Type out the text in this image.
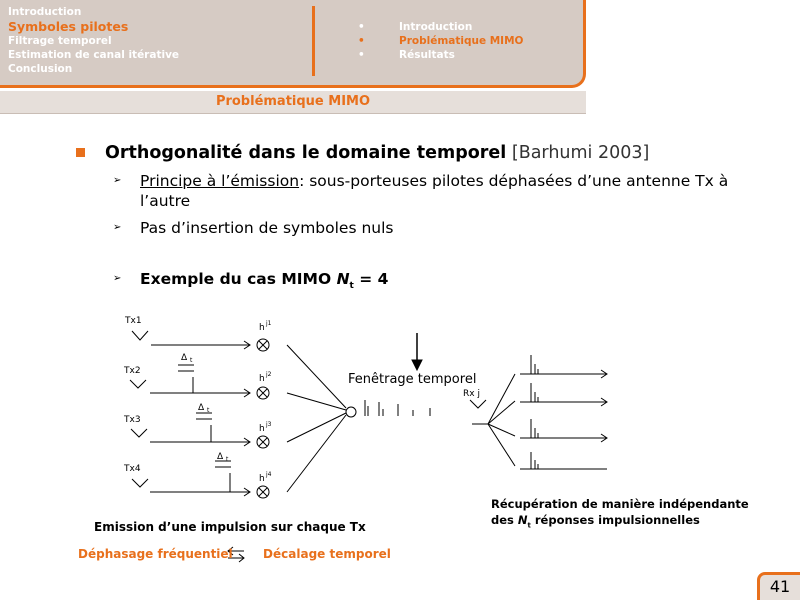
Introduction
Symboles pilotes
Filtrage temporel
Estimation de canal itérative
Conclusion
•	Introduction
•	Problématique MIMO
•	Résultats
Problématique MIMO
Orthogonalité dans le domaine temporel [Barhumi 2003]
➢ Principe à l’émission: sous-porteuses pilotes déphasées d’une antenne Tx à
l’autre
➢ Pas d’insertion de symboles nuls
➢ Exemple du cas MIMO $N_t = 4$
Tx1
Tx2
Tx3
Tx4
Δ t
Δ t
Δ t
h j1
h j2
h j3
h j4
Rx j
Fenêtrage temporel
Emission d’une impulsion sur chaque Tx
Récupération de manière indépendante
des $N_t$ réponses impulsionnelles
Déphasage fréquentiel	Décalage temporel
41
